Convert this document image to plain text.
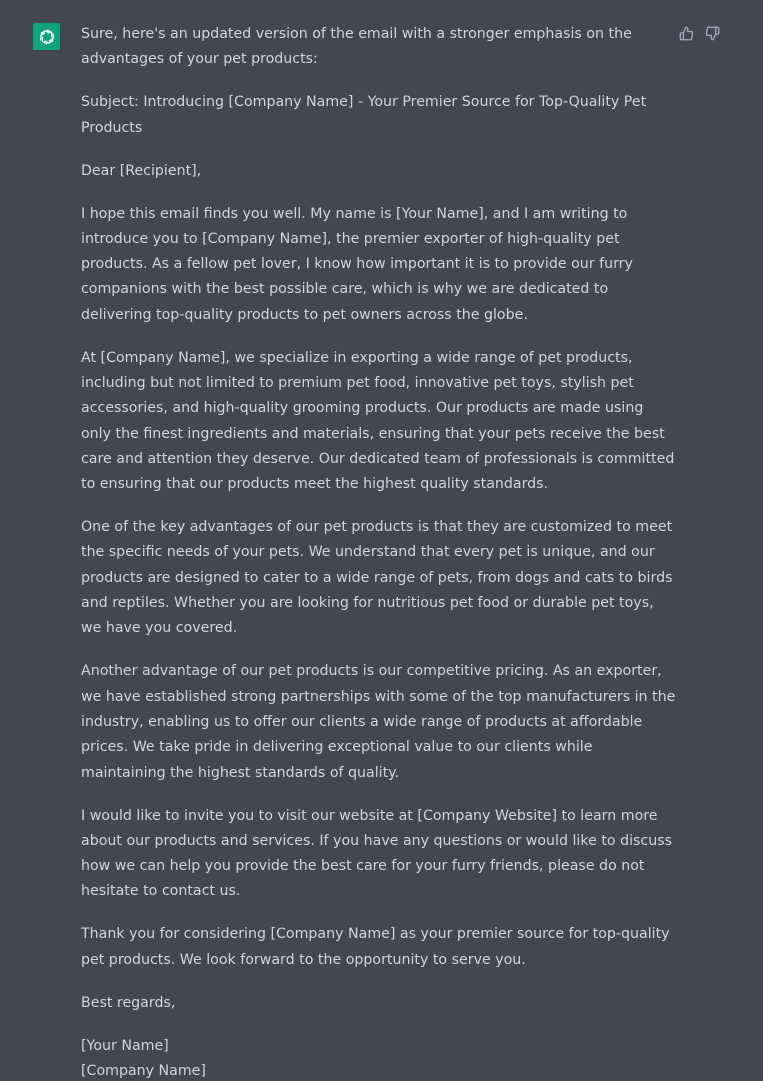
Sure, here's an updated version of the email with a stronger emphasis on the advantages of your pet products:

Subject: Introducing [Company Name] - Your Premier Source for Top-Quality Pet Products

Dear [Recipient],

I hope this email finds you well. My name is [Your Name], and I am writing to introduce you to [Company Name], the premier exporter of high-quality pet products. As a fellow pet lover, I know how important it is to provide our furry companions with the best possible care, which is why we are dedicated to delivering top-quality products to pet owners across the globe.

At [Company Name], we specialize in exporting a wide range of pet products, including but not limited to premium pet food, innovative pet toys, stylish pet accessories, and high-quality grooming products. Our products are made using only the finest ingredients and materials, ensuring that your pets receive the best care and attention they deserve. Our dedicated team of professionals is committed to ensuring that our products meet the highest quality standards.

One of the key advantages of our pet products is that they are customized to meet the specific needs of your pets. We understand that every pet is unique, and our products are designed to cater to a wide range of pets, from dogs and cats to birds and reptiles. Whether you are looking for nutritious pet food or durable pet toys, we have you covered.

Another advantage of our pet products is our competitive pricing. As an exporter, we have established strong partnerships with some of the top manufacturers in the industry, enabling us to offer our clients a wide range of products at affordable prices. We take pride in delivering exceptional value to our clients while maintaining the highest standards of quality.

I would like to invite you to visit our website at [Company Website] to learn more about our products and services. If you have any questions or would like to discuss how we can help you provide the best care for your furry friends, please do not hesitate to contact us.

Thank you for considering [Company Name] as your premier source for top-quality pet products. We look forward to the opportunity to serve you.

Best regards,

[Your Name]

[Company Name]
